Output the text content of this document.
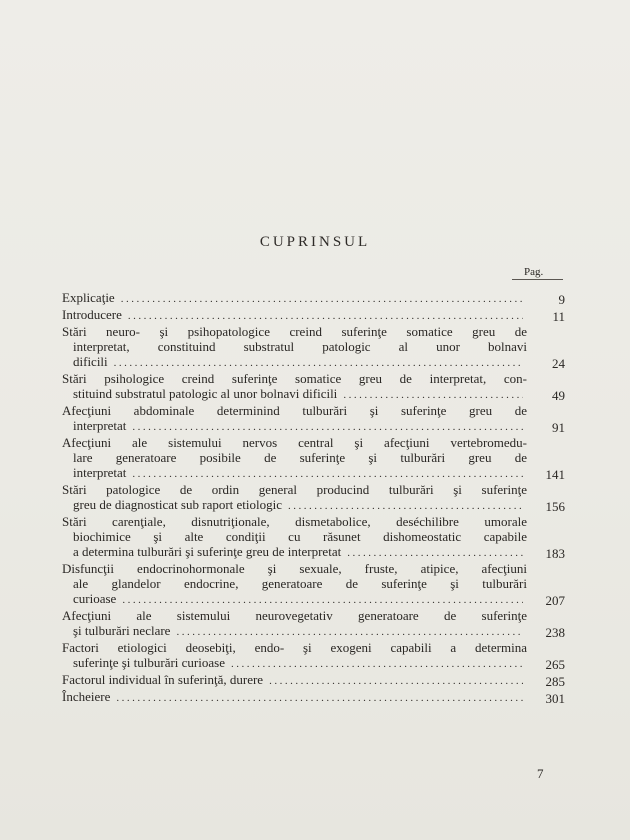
CUPRINSUL
Pag.
Explicaţie .....	9
Introducere .....	11
Stări neuro- şi psihopatologice creind suferinţe somatice greu de
interpretat, constituind substratul patologic al unor bolnavi
dificili .....	24
Stări psihologice creind suferinţe somatice greu de interpretat, con-
stituind substratul patologic al unor bolnavi dificili .....	49
Afecţiuni abdominale determinind tulburări şi suferinţe greu de
interpretat .....	91
Afecţiuni ale sistemului nervos central şi afecţiuni vertebromedu-
lare generatoare posibile de suferinţe şi tulburări greu de
interpretat .....	141
Stări patologice de ordin general producind tulburări şi suferinţe
greu de diagnosticat sub raport etiologic .....	156
Stări carenţiale, disnutriţionale, dismetabolice, deséchilibre umorale
biochimice şi alte condiţii cu răsunet dishomeostatic capabile
a determina tulburări şi suferinţe greu de interpretat .....	183
Disfuncţii endocrinohormonale şi sexuale, fruste, atipice, afecţiuni
ale glandelor endocrine, generatoare de suferinţe şi tulburări
curioase .....	207
Afecţiuni ale sistemului neurovegetativ generatoare de suferinţe
şi tulburări neclare .....	238
Factori etiologici deosebiţi, endo- şi exogeni capabili a determina
suferinţe şi tulburări curioase .....	265
Factorul individual în suferinţă, durere .....	285
Încheiere .....	301
7
